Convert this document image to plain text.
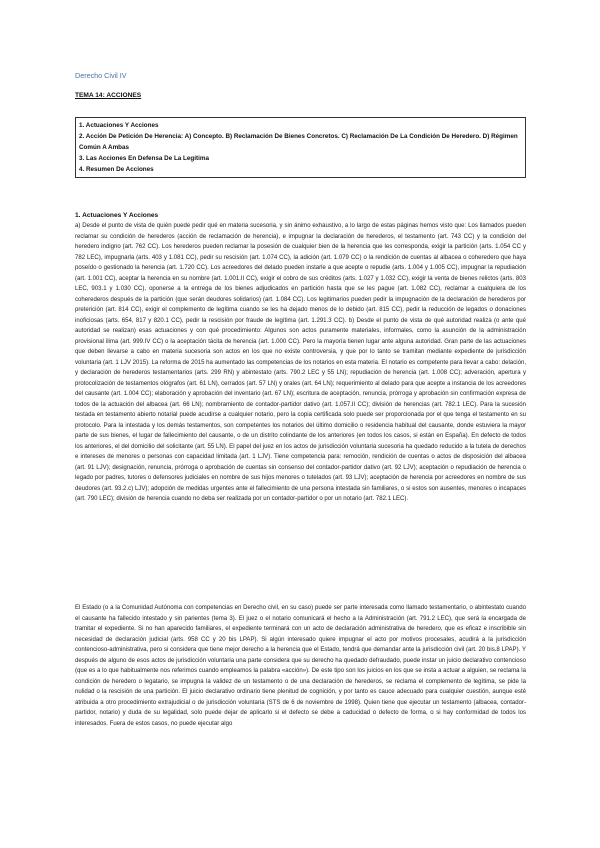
Derecho Civil IV
TEMA 14: ACCIONES
1. Actuaciones Y Acciones
2. Acción De Petición De Herencia: A) Concepto. B) Reclamación De Bienes Concretos. C) Reclamación De La Condición De Heredero. D) Régimen Común A Ambas
3. Las Acciones En Defensa De La Legítima
4. Resumen De Acciones
1. Actuaciones Y Acciones
a) Desde el punto de vista de quién puede pedir qué en materia sucesoria, y sin ánimo exhaustivo, a lo largo de estas páginas hemos visto que: Los llamados pueden reclamar su condición de herederos (acción de reclamación de herencia), e impugnar la declaración de herederos, el testamento (art. 743 CC) y la condición del heredero indigno (art. 762 CC). Los herederos pueden reclamar la posesión de cualquier bien de la herencia que les corresponda, exigir la partición (arts. 1.054 CC y 782 LEC), impugnarla (arts. 403 y 1.081 CC), pedir su rescisión (art. 1.074 CC), la adición (art. 1.079 CC) o la rendición de cuentas al albacea o coheredero que haya poseído o gestionado la herencia (art. 1.720 CC). Los acreedores del delado pueden instarle a que acepte o repudie (arts. 1.004 y 1.005 CC), impugnar la repudiación (art. 1.001 CC), aceptar la herencia en su nombre (art. 1.001.II CC), exigir el cobro de sus créditos (arts. 1.027 y 1.032 CC), exigir la venta de bienes relictos (arts. 803 LEC, 903.1 y 1.030 CC), oponerse a la entrega de los bienes adjudicados en partición hasta que se les pague (art. 1.082 CC), reclamar a cualquiera de los coherederos después de la partición (que serán deudores solidarios) (art. 1.084 CC). Los legitimarios pueden pedir la impugnación de la declaración de herederos por preterición (art. 814 CC), exigir el complemento de legítima cuando se les ha dejado menos de lo debido (art. 815 CC), pedir la reducción de legados o donaciones inoficiosas (arts. 654, 817 y 820.1 CC), pedir la rescisión por fraude de legítima (art. 1.291.3 CC). b) Desde el punto de vista de qué autoridad realiza (o ante qué autoridad se realizan) esas actuaciones y con qué procedimiento: Algunos son actos puramente materiales, informales, como la asunción de la administración provisional ilima (art. 999.IV CC) o la aceptación tácita de herencia (art. 1.000 CC). Pero la mayoría tienen lugar ante alguna autoridad. Gran parte de las actuaciones que deben llevarse a cabo en materia sucesoria son actos en los que no existe controversia, y que por lo tanto se tramitan mediante expediente de jurisdicción voluntaria (art. 1 LJV 2015). La reforma de 2015 ha aumentado las competencias de los notarios en esta materia. El notario es competente para llevar a cabo: delación, y declaración de herederos testamentarios (arts. 299 RN) y abintestato (arts. 790.2 LEC y 55 LN); repudiación de herencia (art. 1.008 CC); adveración, apertura y protocolización de testamentos ológrafos (art. 61 LN), cerrados (art. 57 LN) y orales (art. 64 LN); requerimiento al delado para que acepte a instancia de los acreedores del causante (art. 1.004 CC); elaboración y aprobación del inventario (art. 67 LN); escritura de aceptación, renuncia, prórroga y aprobación sin confirmación expresa de todos de la actuación del albacea (art. 66 LN); nombramiento de contador-partidor dativo (art. 1.057.II CC); división de herencias (art. 782.1 LEC). Para la sucesión testada en testamento abierto notarial puede acudirse a cualquier notario, pero la copia certificada solo puede ser proporcionada por el que tenga el testamento en su protocolo. Para la intestada y los demás testamentos, son competentes los notarios del último domicilio o residencia habitual del causante, donde estuviera la mayor parte de sus bienes, el lugar de fallecimiento del causante, o de un distrito colindante de los anteriores (en todos los casos, si están en España). En defecto de todos los anteriores, el del domicilio del solicitante (art. 55 LN). El papel del juez en los actos de jurisdicción voluntaria sucesoria ha quedado reducido a la tutela de derechos e intereses de menores o personas con capacidad limitada (art. 1 LJV). Tiene competencia para: remoción, rendición de cuentas o actos de disposición del albacea (art. 91 LJV); designación, renuncia, prórroga o aprobación de cuentas sin consenso del contador-partidor dativo (art. 92 LJV); aceptación o repudiación de herencia o legado por padres, tutores o defensores judiciales en nombre de sus hijos menores o tutelados (art. 93 LJV); aceptación de herencia por acreedores en nombre de sus deudores (art. 93.2.c) LJV); adopción de medidas urgentes ante el fallecimiento de una persona intestada sin familiares, o si estos son ausentes, menores o incapaces (art. 790 LEC); división de herencia cuando no deba ser realizada por un contador-partidor o por un notario (art. 782.1 LEC).
El Estado (o a la Comunidad Autónoma con competencias en Derecho civil, en su caso) puede ser parte interesada como llamado testamentario, o abintestato cuando el causante ha fallecido intestado y sin parientes (tema 3). El juez o el notario comunicará el hecho a la Administración (art. 791.2 LEC), que será la encargada de tramitar el expediente. Si no han aparecido familiares, el expediente terminará con un acto de declaración administrativa de heredero, que es eficaz e inscribible sin necesidad de declaración judicial (arts. 958 CC y 20 bis LPAP). Si algún interesado quiere impugnar el acto por motivos procesales, acudirá a la jurisdicción contencioso-administrativa, pero si considera que tiene mejor derecho a la herencia que el Estado, tendrá que demandar ante la jurisdicción civil (art. 20 bis.8 LPAP). Y después de alguno de esos actos de jurisdicción voluntaria una parte considera que su derecho ha quedado defraudado, puede instar un juicio declarativo contencioso (que es a lo que habitualmente nos referimos cuando empleamos la palabra «acción»). De este tipo son los juicios en los que se insta a actuar a alguien, se reclama la condición de heredero o legatario, se impugna la validez de un testamento o de una declaración de herederos, se reclama el complemento de legítima, se pide la nulidad o la rescisión de una partición. El juicio declarativo ordinario tiene plenitud de cognición, y por tanto es cauce adecuado para cualquier cuestión, aunque esté atribuida a otro procedimiento extrajudicial o de jurisdicción voluntaria (STS de 6 de noviembre de 1998). Quien tiene que ejecutar un testamento (albacea, contador-partidor, notario) y duda de su legalidad, solo puede dejar de aplicarlo si el defecto se debe a caducidad o defecto de forma, o si hay conformidad de todos los interesados. Fuera de estos casos, no puede ejecutar algo
